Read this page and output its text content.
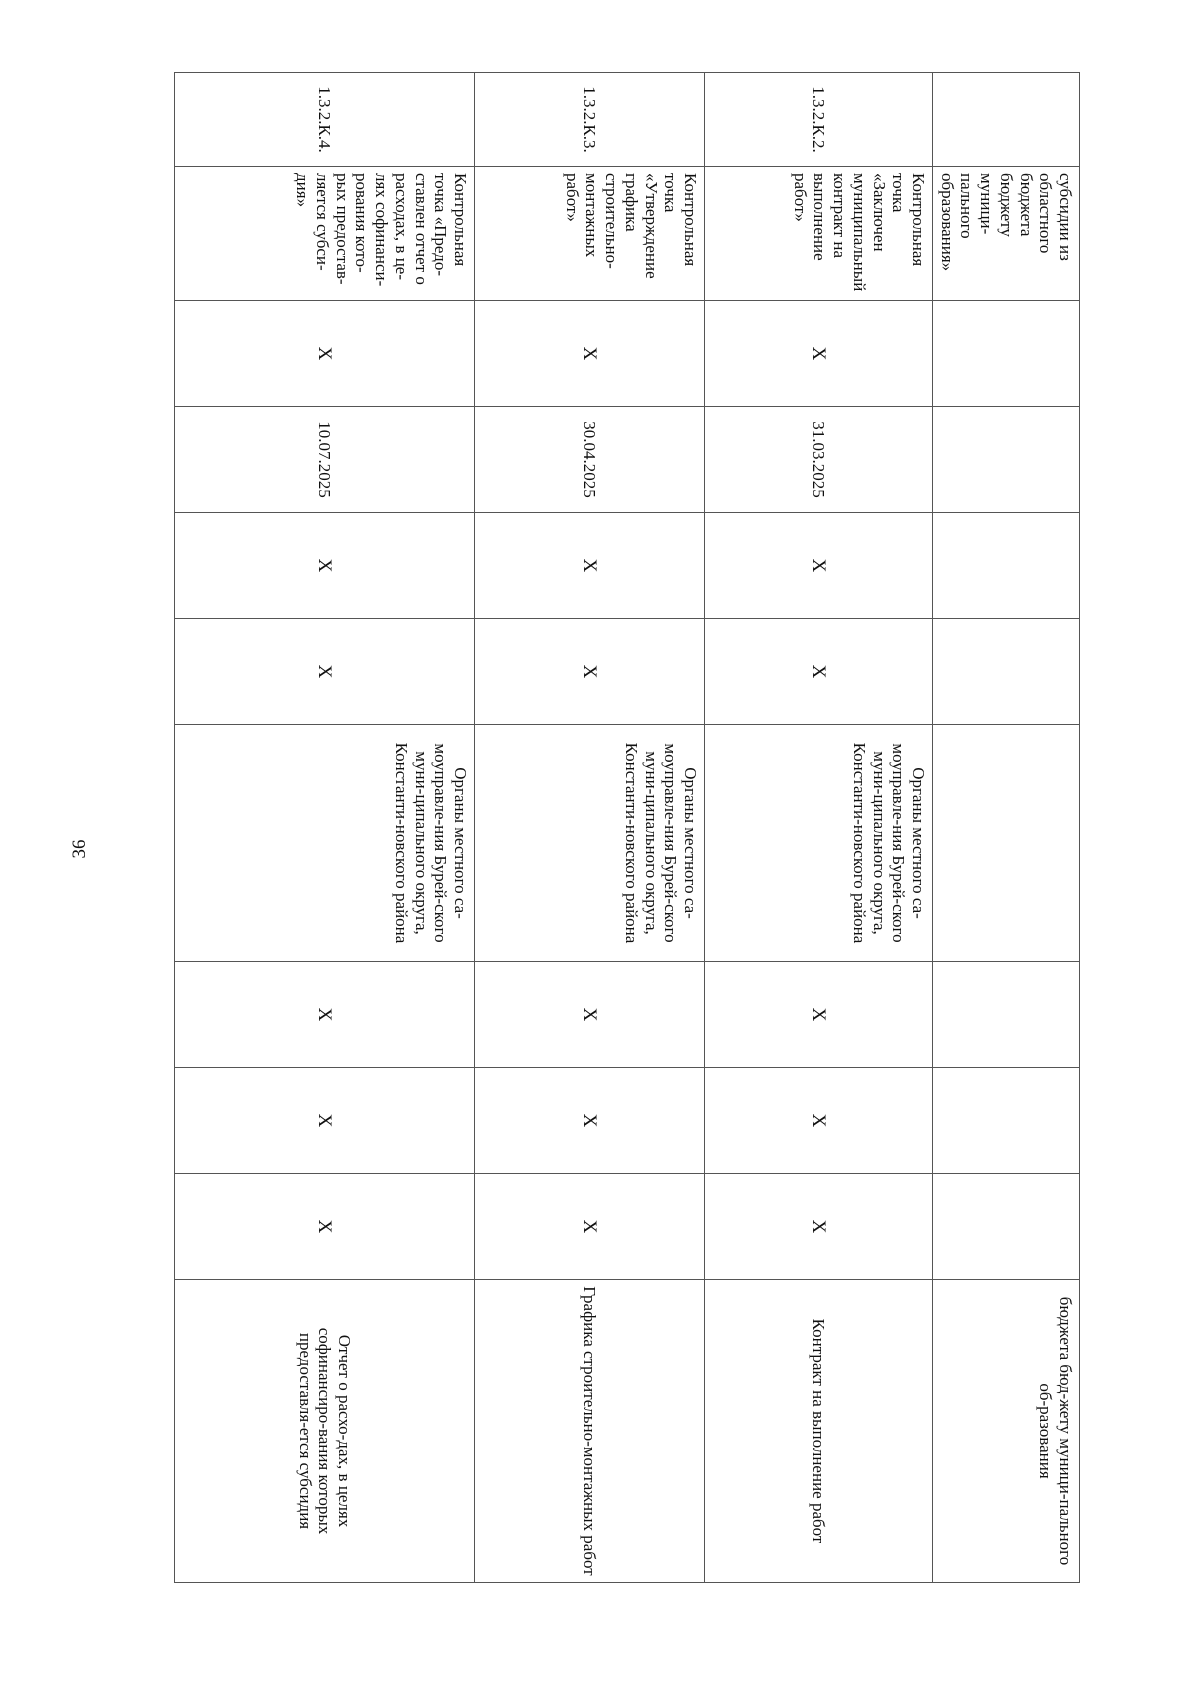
36
	субсидии из областного бюджета бюджету муници-пального образования»									бюджета бюд-жету муници-пального об-разования
1.3.2.К.2.	Контрольная точка «Заключен муниципальный контракт на выполнение работ»	Х	31.03.2025	Х	Х	Органы местного са-моуправле-ния Бурей-ского муни-ципального округа, Константи-новского района	Х	Х	Х	Контракт на выполнение работ
1.3.2.К.3.	Контрольная точка «Утверждение графика строительно-монтажных работ»	Х	30.04.2025	Х	Х	Органы местного са-моуправле-ния Бурей-ского муни-ципального округа, Константи-новского района	Х	Х	Х	Графика строительно-монтажных работ
1.3.2.К.4.	Контрольная точка «Предо-ставлен отчет о расходах, в це-лях софинанси-рования кото-рых предостав-ляется субси-дия»	Х	10.07.2025	Х	Х	Органы местного са-моуправле-ния Бурей-ского муни-ципального округа, Константи-новского района	Х	Х	Х	Отчет о расхо-дах, в целях софинансиро-вания которых предоставля-ется субсидия
